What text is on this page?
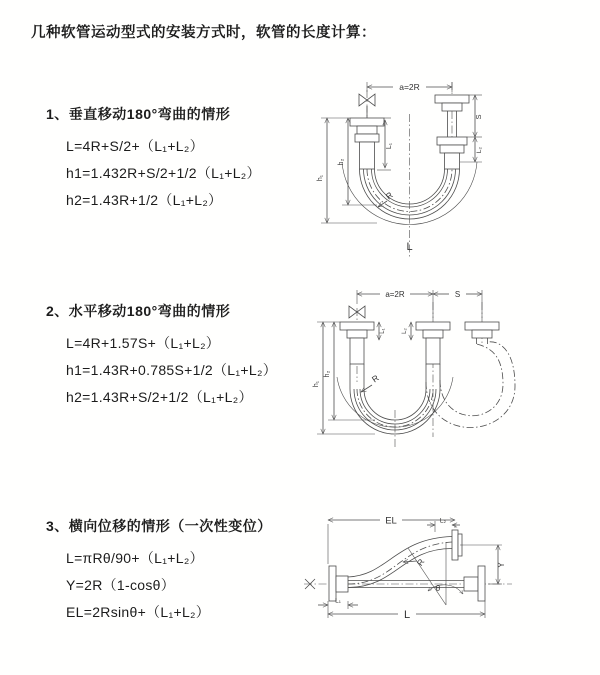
几种软管运动型式的安装方式时，软管的长度计算：
1、垂直移动180°弯曲的情形
L=4R+S/2+（L₁+L₂）
h1=1.432R+S/2+1/2（L₁+L₂）
h2=1.43R+1/2（L₁+L₂）
2、水平移动180°弯曲的情形
L=4R+1.57S+（L₁+L₂）
h1=1.43R+0.785S+1/2（L₁+L₂）
h2=1.43R+S/2+1/2（L₁+L₂）
3、横向位移的情形（一次性变位）
L=πRθ/90+（L₁+L₂）
Y=2R（1-cosθ）
EL=2Rsinθ+（L₁+L₂）
a=2R
h₂
h₁
L₁
S
L₂
R
L
a=2R	S
h₁
h₂
L₁	L₂
R
EL	L₂
Y
R
θ
L₁
L
